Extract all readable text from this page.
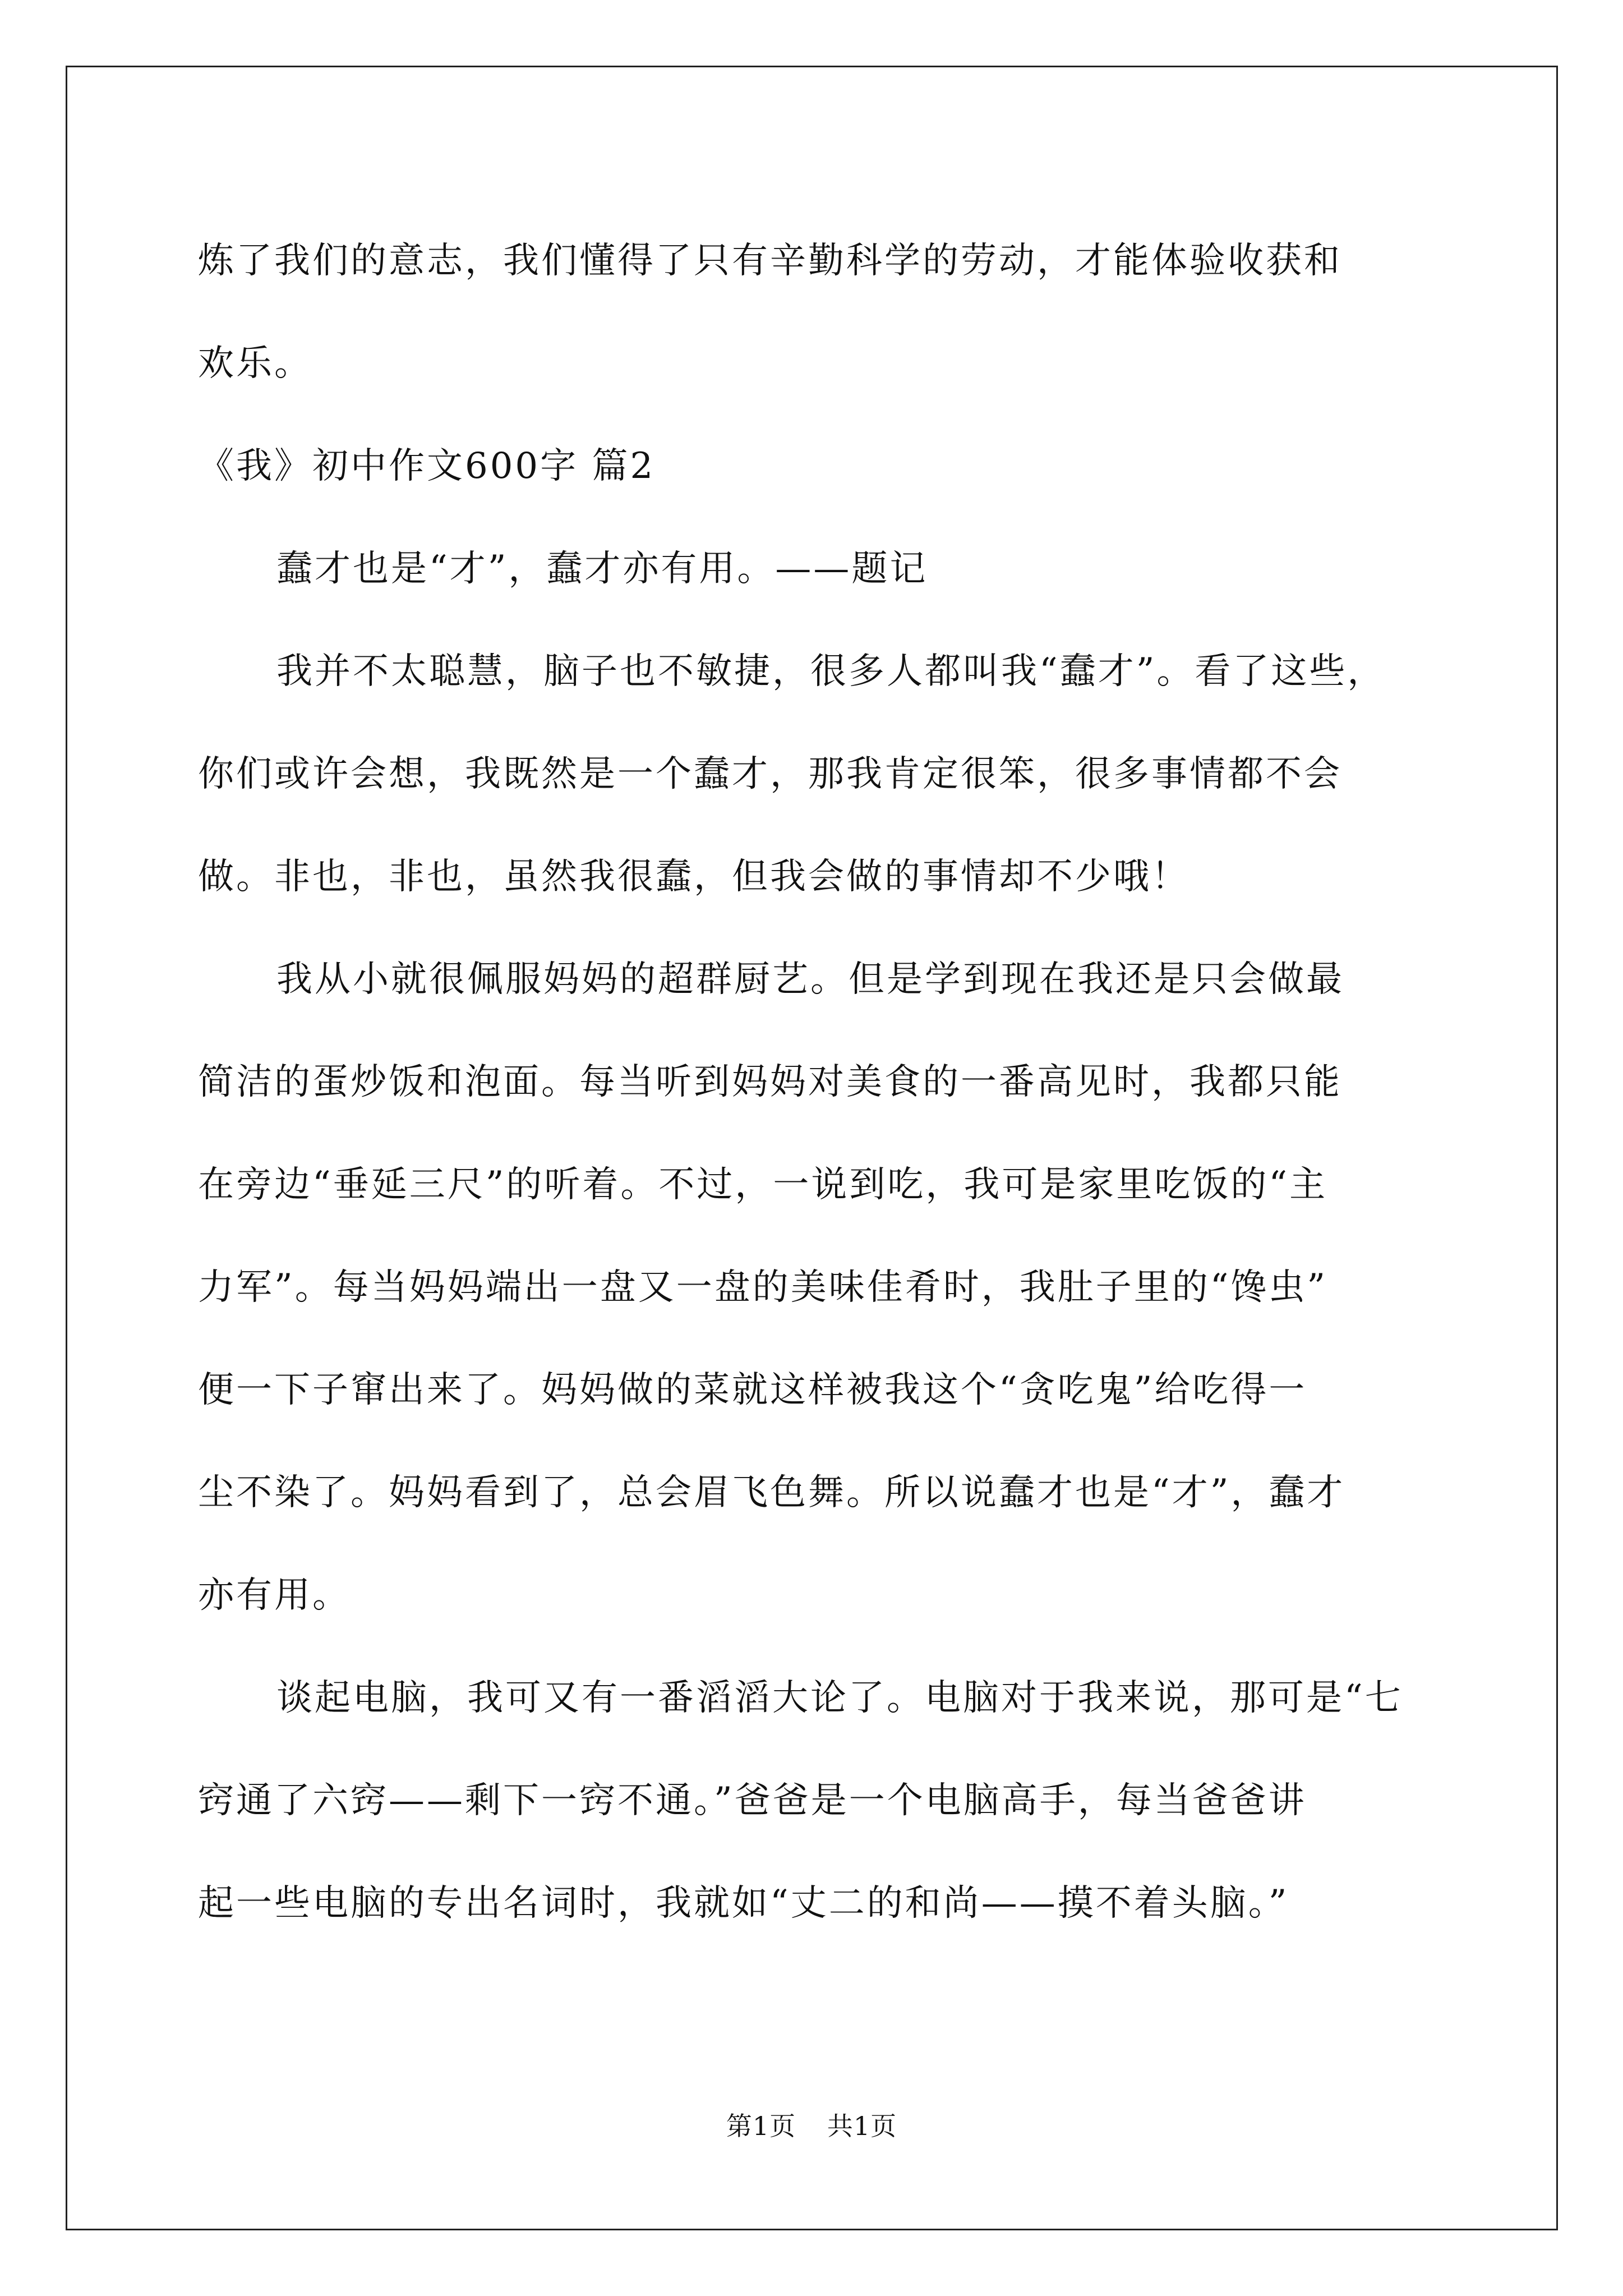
炼了我们的意志，我们懂得了只有辛勤科学的劳动，才能体验收获和
欢乐。
《我》初中作文600字 篇2
蠢才也是“才”，蠢才亦有用。——题记
我并不太聪慧，脑子也不敏捷，很多人都叫我“蠢才”。看了这些，
你们或许会想，我既然是一个蠢才，那我肯定很笨，很多事情都不会
做。非也，非也，虽然我很蠢，但我会做的事情却不少哦！
我从小就很佩服妈妈的超群厨艺。但是学到现在我还是只会做最
简洁的蛋炒饭和泡面。每当听到妈妈对美食的一番高见时，我都只能
在旁边“垂延三尺”的听着。不过，一说到吃，我可是家里吃饭的“主
力军”。每当妈妈端出一盘又一盘的美味佳肴时，我肚子里的“馋虫”
便一下子窜出来了。妈妈做的菜就这样被我这个“贪吃鬼”给吃得一
尘不染了。妈妈看到了，总会眉飞色舞。所以说蠢才也是“才”，蠢才
亦有用。
谈起电脑，我可又有一番滔滔大论了。电脑对于我来说，那可是“七
窍通了六窍——剩下一窍不通。”爸爸是一个电脑高手，每当爸爸讲
起一些电脑的专出名词时，我就如“丈二的和尚——摸不着头脑。”
第1页 共1页
